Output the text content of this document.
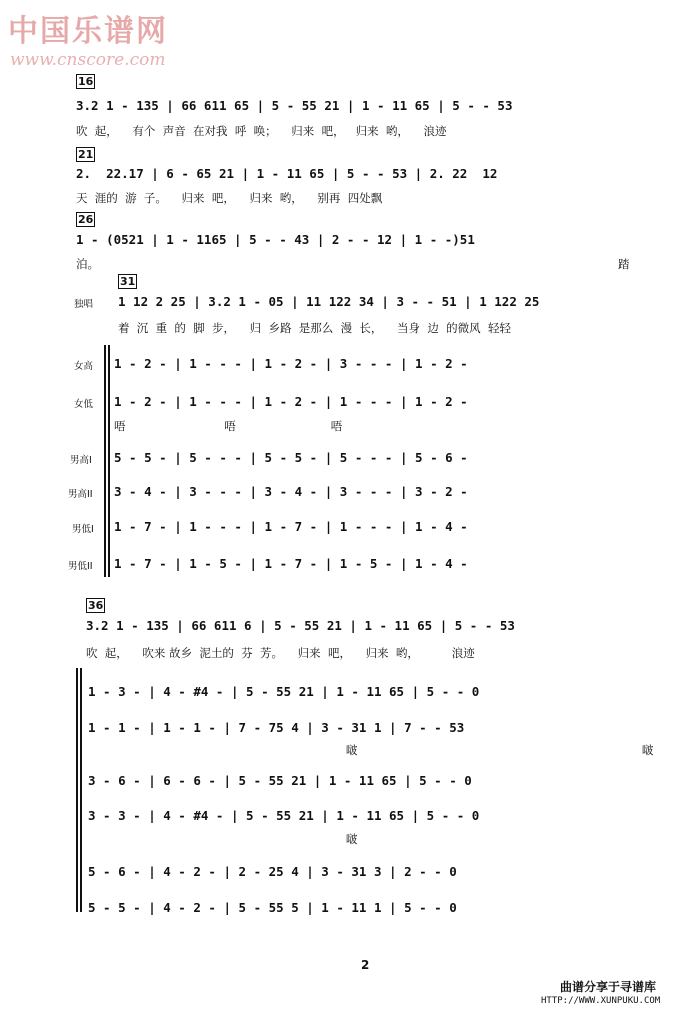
中国乐谱网
www.cnscore.com
16
3.2 1 - 135 | 66 611 65 | 5 - 55 21 | 1 - 11 65 | 5 - - 53
吹  起，    有个  声音  在对我  呼  唤；    归来  吧，   归来  哟，    浪迹
21
2.  22.17 | 6 - 65 21 | 1 - 11 65 | 5 - - 53 | 2. 22  12
天  涯的  游  子。    归来  吧，    归来  哟，    别再  四处飘
26
1 - (0521 | 1 - 1165 | 5 - - 43 | 2 - - 12 | 1 - -)51
泊。	踏
31
独唱 1 12 2 25 | 3.2 1 - 05 | 11 122 34 | 3 - - 51 | 1 122 25
着  沉  重  的  脚  步，    归  乡路  是那么  漫  长，    当身  边  的微风  轻轻
女高 1 - 2 - | 1 - - - | 1 - 2 - | 3 - - - | 1 - 2 -
女低 1 - 2 - | 1 - - - | 1 - 2 - | 1 - - - | 1 - 2 -
唔                           唔                          唔
男高I 5 - 5 - | 5 - - - | 5 - 5 - | 5 - - - | 5 - 6 -
男高II 3 - 4 - | 3 - - - | 3 - 4 - | 3 - - - | 3 - 2 -
男低I 1 - 7 - | 1 - - - | 1 - 7 - | 1 - - - | 1 - 4 -
男低II 1 - 7 - | 1 - 5 - | 1 - 7 - | 1 - 5 - | 1 - 4 -
36
3.2 1 - 135 | 66 611 6 | 5 - 55 21 | 1 - 11 65 | 5 - - 53
吹  起，    吹来 故乡  泥土的  芬  芳。    归来  吧，    归来  哟，         浪迹
1 - 3 - | 4 - #4 - | 5 - 55 21 | 1 - 11 65 | 5 - - 0
1 - 1 - | 1 - 1 - | 7 - 75 4 | 3 - 31 1 | 7 - - 53
啵	啵
3 - 6 - | 6 - 6 - | 5 - 55 21 | 1 - 11 65 | 5 - - 0
3 - 3 - | 4 - #4 - | 5 - 55 21 | 1 - 11 65 | 5 - - 0
啵
5 - 6 - | 4 - 2 - | 2 - 25 4 | 3 - 31 3 | 2 - - 0
5 - 5 - | 4 - 2 - | 5 - 55 5 | 1 - 11 1 | 5 - - 0
2
曲谱分享于寻谱库
HTTP://WWW.XUNPUKU.COM
